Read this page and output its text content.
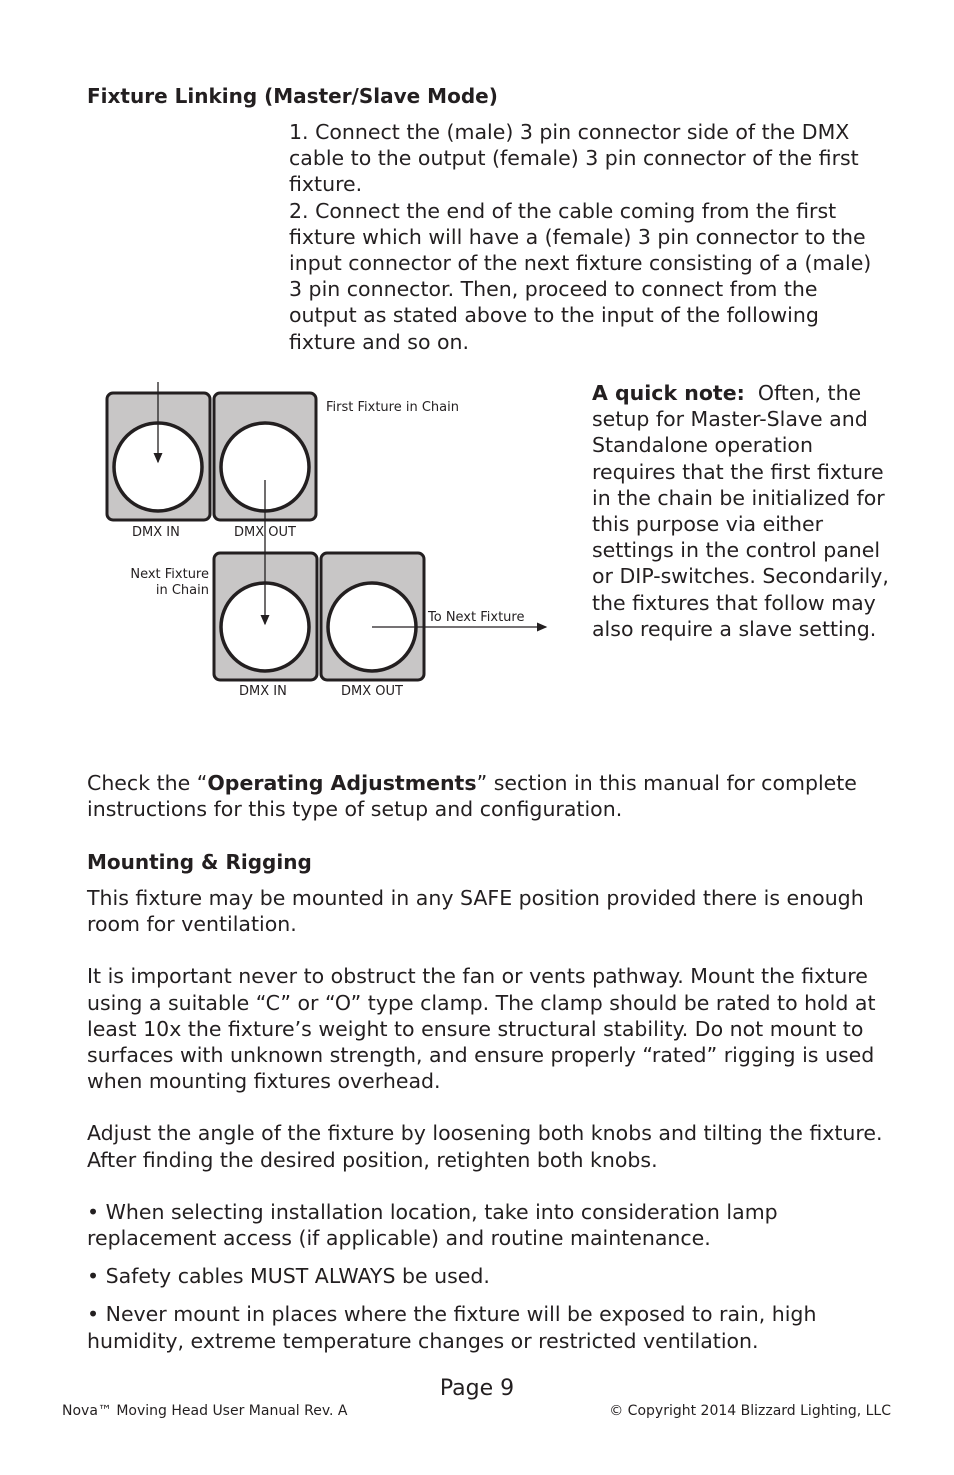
Fixture Linking (Master/Slave Mode)

1. Connect the (male) 3 pin connector side of the DMX cable to the output (female) 3 pin connector of the first fixture.

2. Connect the end of the cable coming from the first fixture which will have a (female) 3 pin connector to the input connector of the next fixture consisting of a (male) 3 pin connector. Then, proceed to connect from the output as stated above to the input of the following fixture and so on.

First Fixture in Chain
DMX IN	DMX OUT
Next Fixture
in Chain
To Next Fixture
DMX IN	DMX OUT

A quick note: Often, the setup for Master-Slave and Standalone operation requires that the first fixture in the chain be initialized for this purpose via either settings in the control panel or DIP-switches. Secondarily, the fixtures that follow may also require a slave setting.

Check the “Operating Adjustments” section in this manual for complete instructions for this type of setup and configuration.

Mounting & Rigging

This fixture may be mounted in any SAFE position provided there is enough room for ventilation.

It is important never to obstruct the fan or vents pathway. Mount the fixture using a suitable “C” or “O” type clamp. The clamp should be rated to hold at least 10x the fixture’s weight to ensure structural stability. Do not mount to surfaces with unknown strength, and ensure properly “rated” rigging is used when mounting fixtures overhead.

Adjust the angle of the fixture by loosening both knobs and tilting the fixture. After finding the desired position, retighten both knobs.

• When selecting installation location, take into consideration lamp replacement access (if applicable) and routine maintenance.

• Safety cables MUST ALWAYS be used.

• Never mount in places where the fixture will be exposed to rain, high humidity, extreme temperature changes or restricted ventilation.

Page 9
Nova™ Moving Head User Manual Rev. A	© Copyright 2014 Blizzard Lighting, LLC
